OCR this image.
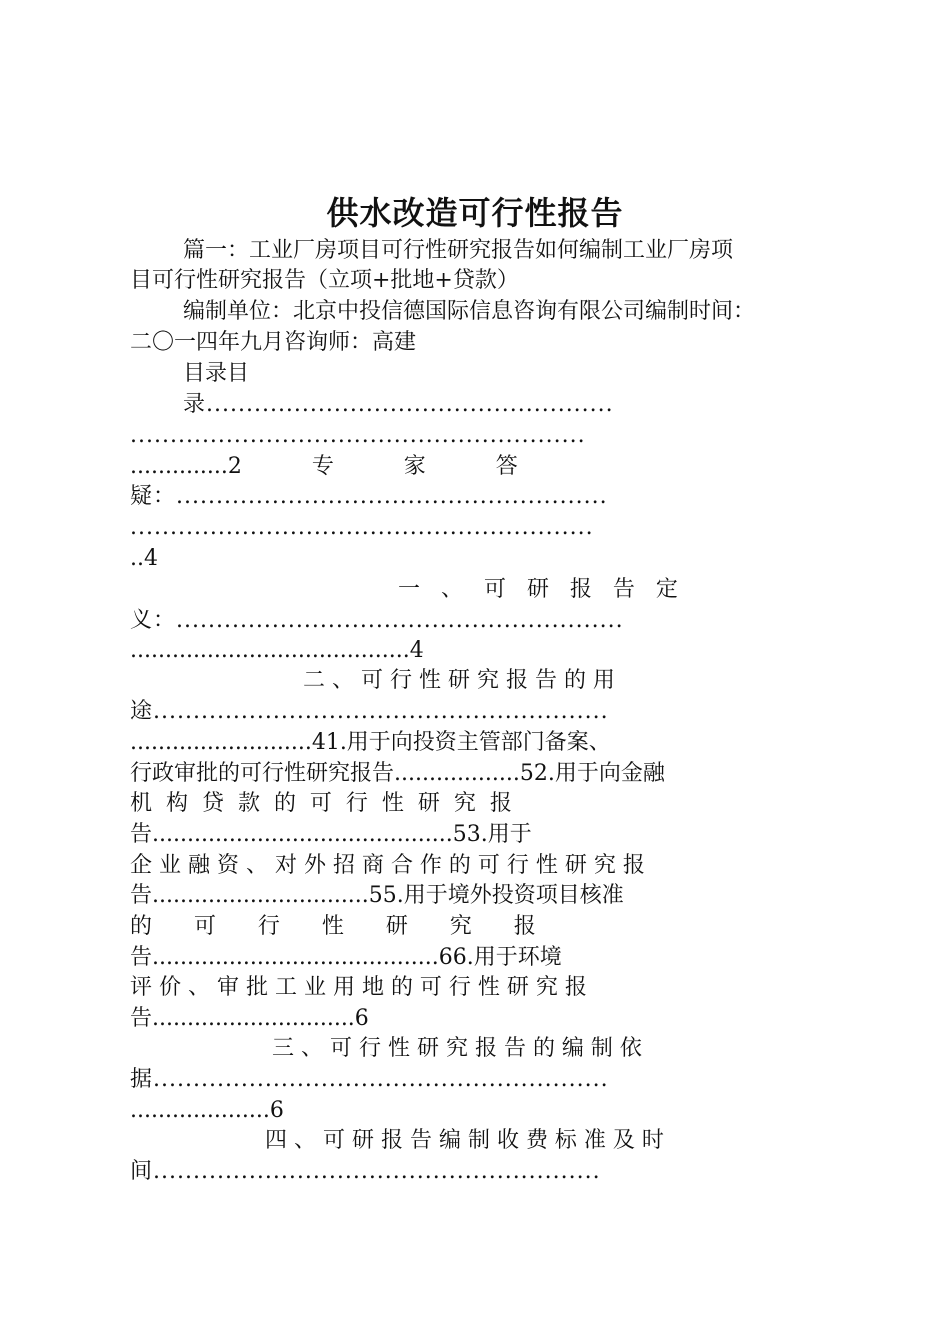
供水改造可行性报告
篇一：工业厂房项目可行性研究报告如何编制工业厂房项
目可行性研究报告（立项+批地+贷款）
编制单位：北京中投信德国际信息咨询有限公司编制时间：
二〇一四年九月咨询师：高建
目录目
录...................................................
.........................................................
..............2          专          家          答
疑：......................................................
..........................................................
..4
一   、   可   研   报   告   定
义：........................................................
........................................4
二 、 可 行 性 研 究 报 告 的 用
途.........................................................
..........................41.用于向投资主管部门备案、
行政审批的可行性研究报告..................52.用于向金融
机  构  贷  款  的  可  行  性  研  究  报
告...........................................53.用于
企 业 融 资 、 对 外 招 商 合 作 的 可 行 性 研 究 报
告...............................55.用于境外投资项目核准
的      可      行      性      研      究      报
告.........................................66.用于环境
评 价 、 审 批 工 业 用 地 的 可 行 性 研 究 报
告.............................6
三 、 可 行 性 研 究 报 告 的 编 制 依
据.........................................................
....................6
四 、 可 研 报 告 编 制 收 费 标 准 及 时
间........................................................
